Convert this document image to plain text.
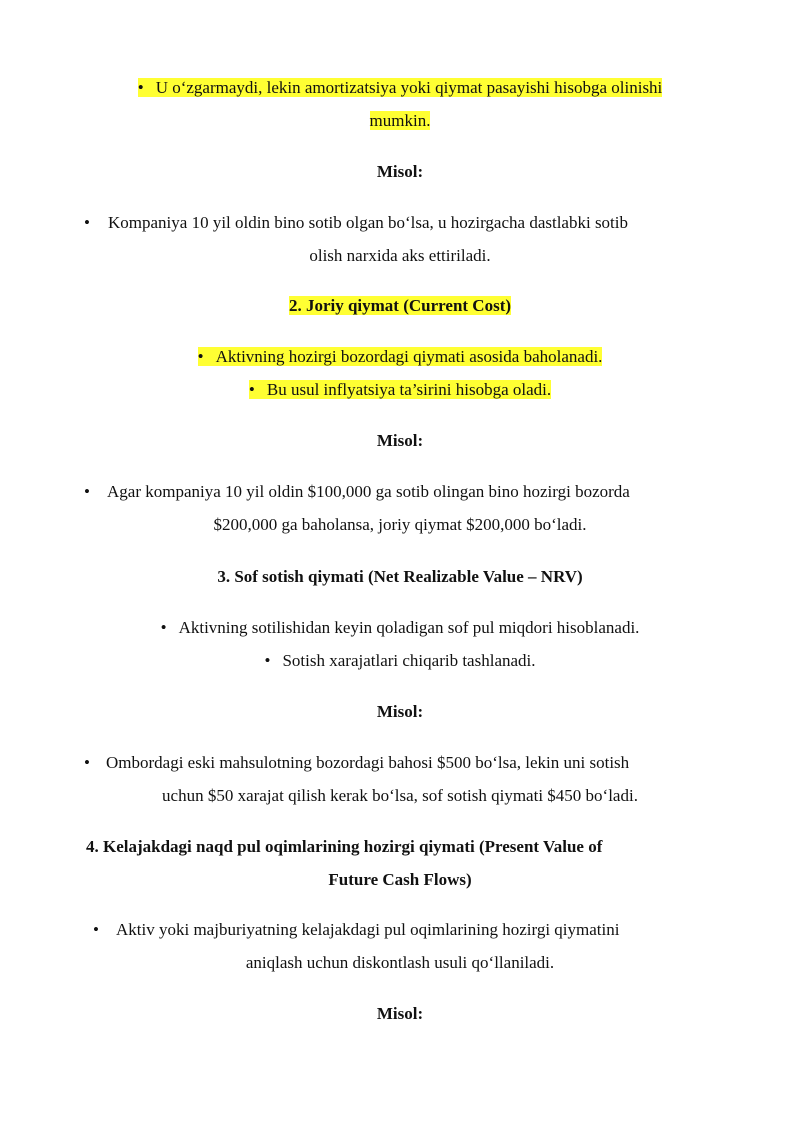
• U o‘zgarmaydi, lekin amortizatsiya yoki qiymat pasayishi hisobga olinishi
mumkin.
Misol:
• Kompaniya 10 yil oldin bino sotib olgan bo‘lsa, u hozirgacha dastlabki sotib
olish narxida aks ettiriladi.
2. Joriy qiymat (Current Cost)
• Aktivning hozirgi bozordagi qiymati asosida baholanadi.
• Bu usul inflyatsiya ta’sirini hisobga oladi.
Misol:
• Agar kompaniya 10 yil oldin $100,000 ga sotib olingan bino hozirgi bozorda
$200,000 ga baholansa, joriy qiymat $200,000 bo‘ladi.
3. Sof sotish qiymati (Net Realizable Value – NRV)
• Aktivning sotilishidan keyin qoladigan sof pul miqdori hisoblanadi.
• Sotish xarajatlari chiqarib tashlanadi.
Misol:
• Ombordagi eski mahsulotning bozordagi bahosi $500 bo‘lsa, lekin uni sotish
uchun $50 xarajat qilish kerak bo‘lsa, sof sotish qiymati $450 bo‘ladi.
4. Kelajakdagi naqd pul oqimlarining hozirgi qiymati (Present Value of
Future Cash Flows)
• Aktiv yoki majburiyatning kelajakdagi pul oqimlarining hozirgi qiymatini
aniqlash uchun diskontlash usuli qo‘llaniladi.
Misol:
